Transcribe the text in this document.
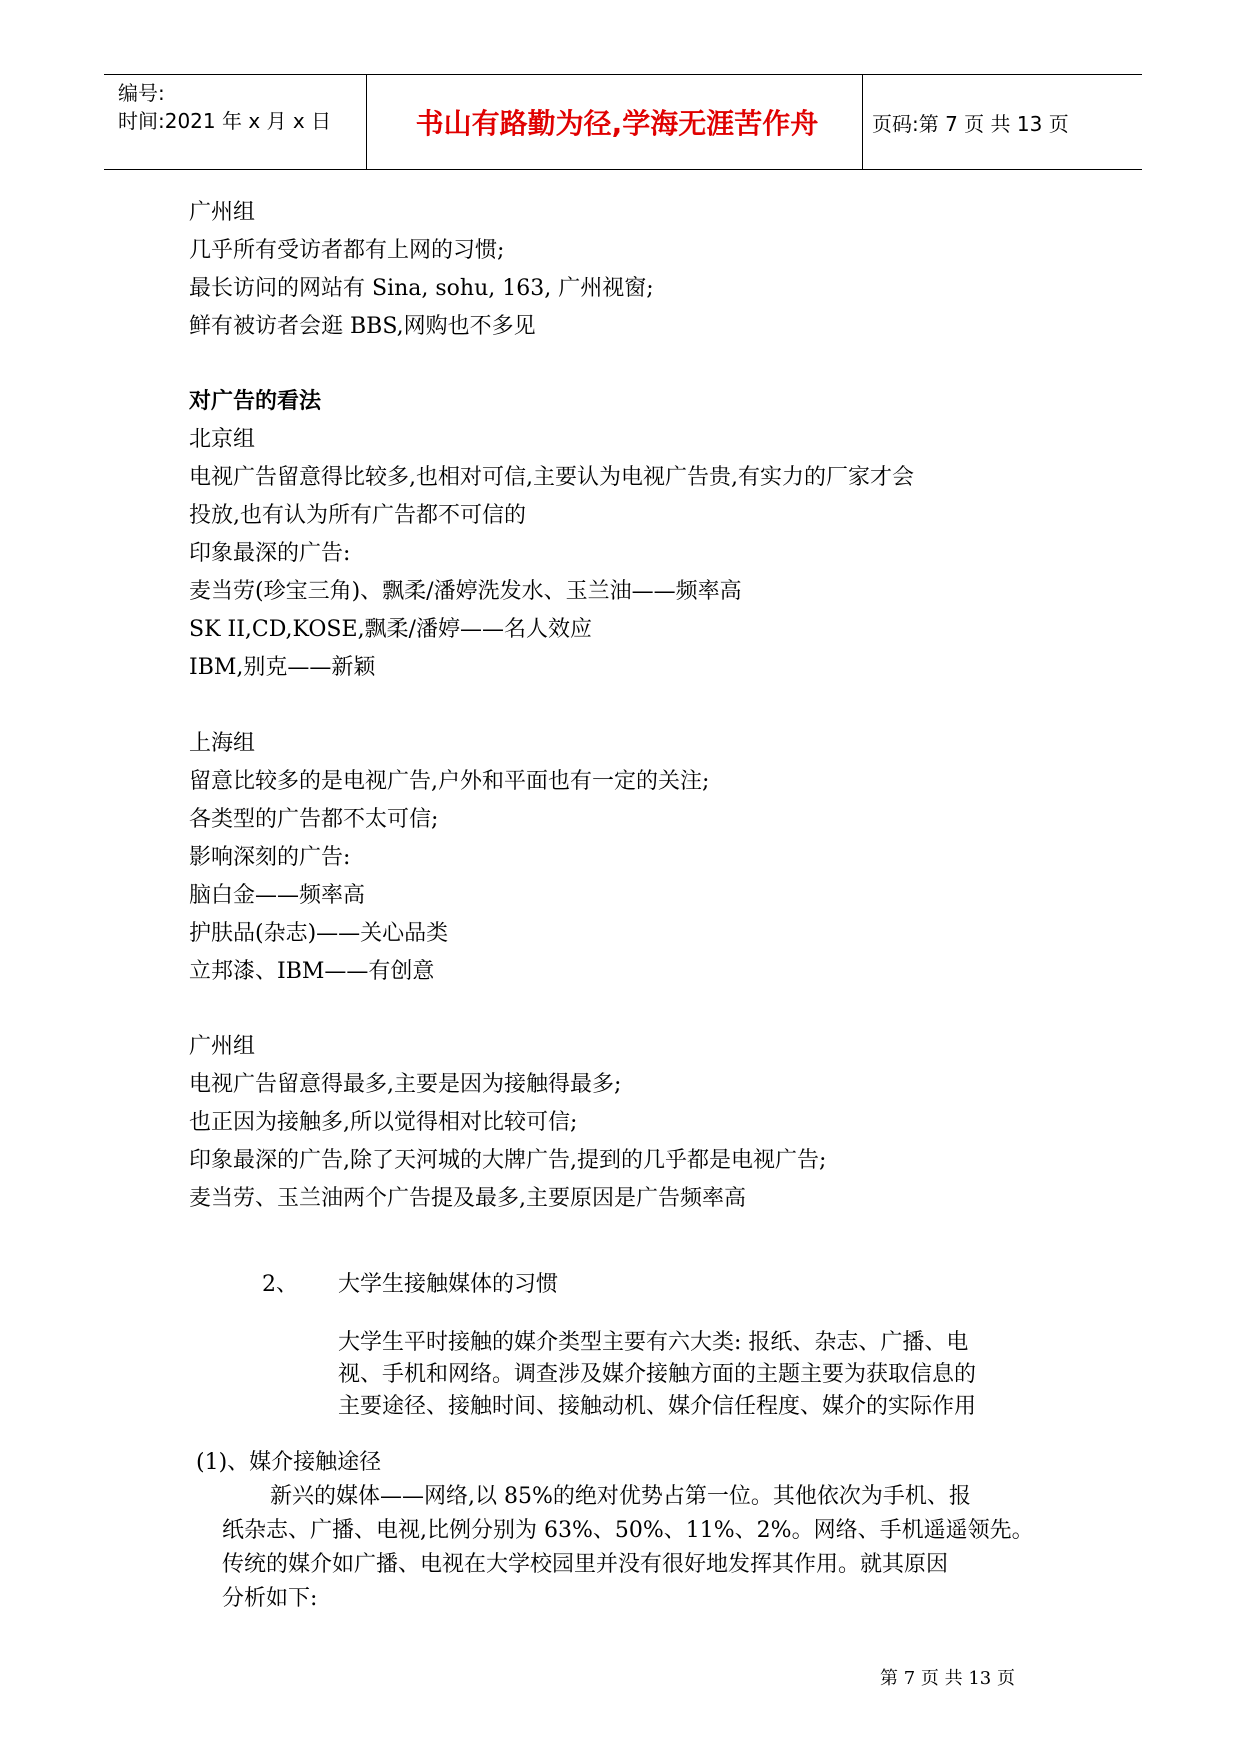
编号:
时间:2021 年 x 月 x 日	书山有路勤为径,学海无涯苦作舟	页码:第 7 页 共 13 页
广州组
几乎所有受访者都有上网的习惯;
最长访问的网站有 Sina, sohu, 163, 广州视窗;
鲜有被访者会逛 BBS,网购也不多见
对广告的看法
北京组
电视广告留意得比较多,也相对可信,主要认为电视广告贵,有实力的厂家才会
投放,也有认为所有广告都不可信的
印象最深的广告:
麦当劳(珍宝三角)、飘柔/潘婷洗发水、玉兰油——频率高
SK II,CD,KOSE,飘柔/潘婷——名人效应
IBM,别克——新颖
上海组
留意比较多的是电视广告,户外和平面也有一定的关注;
各类型的广告都不太可信;
影响深刻的广告:
脑白金——频率高
护肤品(杂志)——关心品类
立邦漆、IBM——有创意
广州组
电视广告留意得最多,主要是因为接触得最多;
也正因为接触多,所以觉得相对比较可信;
印象最深的广告,除了天河城的大牌广告,提到的几乎都是电视广告;
麦当劳、玉兰油两个广告提及最多,主要原因是广告频率高
2、 大学生接触媒体的习惯
大学生平时接触的媒介类型主要有六大类: 报纸、杂志、广播、电
视、手机和网络。调查涉及媒介接触方面的主题主要为获取信息的
主要途径、接触时间、接触动机、媒介信任程度、媒介的实际作用
(1)、媒介接触途径
新兴的媒体——网络,以 85%的绝对优势占第一位。其他依次为手机、报
纸杂志、广播、电视,比例分别为 63%、50%、11%、2%。网络、手机遥遥领先。
传统的媒介如广播、电视在大学校园里并没有很好地发挥其作用。就其原因
分析如下:
第 7 页 共 13 页
